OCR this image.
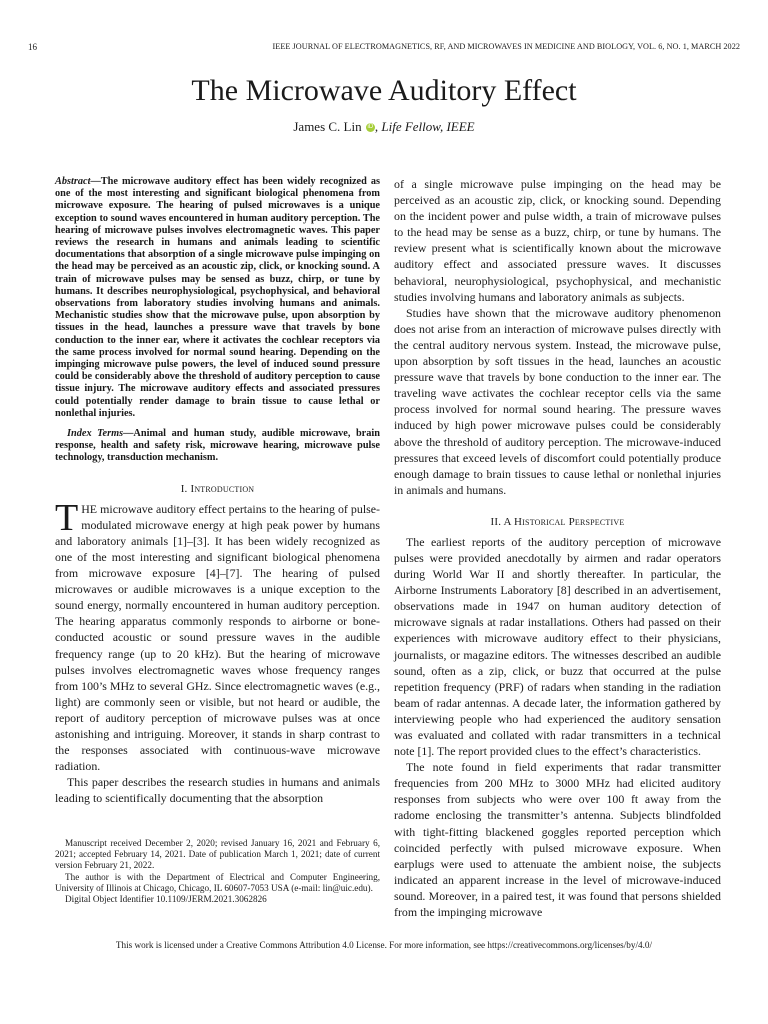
16	IEEE JOURNAL OF ELECTROMAGNETICS, RF, AND MICROWAVES IN MEDICINE AND BIOLOGY, VOL. 6, NO. 1, MARCH 2022
The Microwave Auditory Effect
James C. Lin iD , Life Fellow, IEEE

Abstract—The microwave auditory effect has been widely recognized as one of the most interesting and significant biological phenomena from microwave exposure. The hearing of pulsed microwaves is a unique exception to sound waves encountered in human auditory perception. The hearing of microwave pulses involves electromagnetic waves. This paper reviews the research in humans and animals leading to scientific documentations that absorption of a single microwave pulse impinging on the head may be perceived as an acoustic zip, click, or knocking sound. A train of microwave pulses may be sensed as buzz, chirp, or tune by humans. It describes neurophysiological, psychophysical, and behavioral observations from laboratory studies involving humans and animals. Mechanistic studies show that the microwave pulse, upon absorption by tissues in the head, launches a pressure wave that travels by bone conduction to the inner ear, where it activates the cochlear receptors via the same process involved for normal sound hearing. Depending on the impinging microwave pulse powers, the level of induced sound pressure could be considerably above the threshold of auditory perception to cause tissue injury. The microwave auditory effects and associated pressures could potentially render damage to brain tissue to cause lethal or nonlethal injuries.

Index Terms—Animal and human study, audible microwave, brain response, health and safety risk, microwave hearing, microwave pulse technology, transduction mechanism.

I. Introduction

THE microwave auditory effect pertains to the hearing of pulse-modulated microwave energy at high peak power by humans and laboratory animals [1]–[3]. It has been widely recognized as one of the most interesting and significant biological phenomena from microwave exposure [4]–[7]. The hearing of pulsed microwaves or audible microwaves is a unique exception to the sound energy, normally encountered in human auditory perception. The hearing apparatus commonly responds to airborne or bone-conducted acoustic or sound pressure waves in the audible frequency range (up to 20 kHz). But the hearing of microwave pulses involves electromagnetic waves whose frequency ranges from 100’s MHz to several GHz. Since electromagnetic waves (e.g., light) are commonly seen or visible, but not heard or audible, the report of auditory perception of microwave pulses was at once astonishing and intriguing. Moreover, it stands in sharp contrast to the responses associated with continuous-wave microwave radiation.

This paper describes the research studies in humans and animals leading to scientifically documenting that the absorption

of a single microwave pulse impinging on the head may be perceived as an acoustic zip, click, or knocking sound. Depending on the incident power and pulse width, a train of microwave pulses to the head may be sense as a buzz, chirp, or tune by humans. The review present what is scientifically known about the microwave auditory effect and associated pressure waves. It discusses behavioral, neurophysiological, psychophysical, and mechanistic studies involving humans and laboratory animals as subjects.

Studies have shown that the microwave auditory phenomenon does not arise from an interaction of microwave pulses directly with the central auditory nervous system. Instead, the microwave pulse, upon absorption by soft tissues in the head, launches an acoustic pressure wave that travels by bone conduction to the inner ear. The traveling wave activates the cochlear receptor cells via the same process involved for normal sound hearing. The pressure waves induced by high power microwave pulses could be considerably above the threshold of auditory perception. The microwave-induced pressures that exceed levels of discomfort could potentially produce enough damage to brain tissues to cause lethal or nonlethal injuries in animals and humans.

II. A Historical Perspective

The earliest reports of the auditory perception of microwave pulses were provided anecdotally by airmen and radar operators during World War II and shortly thereafter. In particular, the Airborne Instruments Laboratory [8] described in an advertisement, observations made in 1947 on human auditory detection of microwave signals at radar installations. Others had passed on their experiences with microwave auditory effect to their physicians, journalists, or magazine editors. The witnesses described an audible sound, often as a zip, click, or buzz that occurred at the pulse repetition frequency (PRF) of radars when standing in the radiation beam of radar antennas. A decade later, the information gathered by interviewing people who had experienced the auditory sensation was evaluated and collated with radar transmitters in a technical note [1]. The report provided clues to the effect’s characteristics.

The note found in field experiments that radar transmitter frequencies from 200 MHz to 3000 MHz had elicited auditory responses from subjects who were over 100 ft away from the radome enclosing the transmitter’s antenna. Subjects blindfolded with tight-fitting blackened goggles reported perception which coincided perfectly with pulsed microwave exposure. When earplugs were used to attenuate the ambient noise, the subjects indicated an apparent increase in the level of microwave-induced sound. Moreover, in a paired test, it was found that persons shielded from the impinging microwave

Manuscript received December 2, 2020; revised January 16, 2021 and February 6, 2021; accepted February 14, 2021. Date of publication March 1, 2021; date of current version February 21, 2022.

The author is with the Department of Electrical and Computer Engineering, University of Illinois at Chicago, Chicago, IL 60607-7053 USA (e-mail: lin@uic.edu).

Digital Object Identifier 10.1109/JERM.2021.3062826

This work is licensed under a Creative Commons Attribution 4.0 License. For more information, see https://creativecommons.org/licenses/by/4.0/
